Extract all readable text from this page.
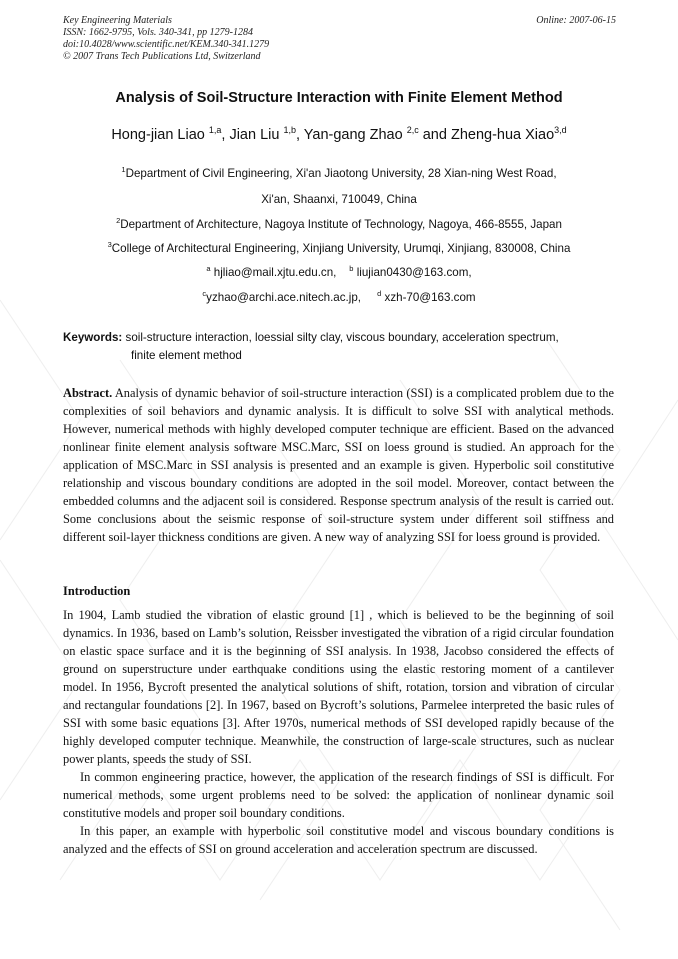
Key Engineering Materials
ISSN: 1662-9795, Vols. 340-341, pp 1279-1284
doi:10.4028/www.scientific.net/KEM.340-341.1279
© 2007 Trans Tech Publications Ltd, Switzerland
Online: 2007-06-15
Analysis of Soil-Structure Interaction with Finite Element Method
Hong-jian Liao $^{1,a}$, Jian Liu $^{1,b}$, Yan-gang Zhao $^{2,c}$ and Zheng-hua Xiao$^{3,d}$
$^1$Department of Civil Engineering, Xi'an Jiaotong University, 28 Xian-ning West Road,
Xi'an, Shaanxi, 710049, China
$^2$Department of Architecture, Nagoya Institute of Technology, Nagoya, 466-8555, Japan
$^3$College of Architectural Engineering, Xinjiang University, Urumqi, Xinjiang, 830008, China
$^a$ hjliao@mail.xjtu.edu.cn, $^b$ liujian0430@163.com,
$^c$yzhao@archi.ace.nitech.ac.jp, $^d$ xzh-70@163.com
Keywords: soil-structure interaction, loessial silty clay, viscous boundary, acceleration spectrum,
finite element method
Abstract. Analysis of dynamic behavior of soil-structure interaction (SSI) is a complicated problem due to the complexities of soil behaviors and dynamic analysis. It is difficult to solve SSI with analytical methods. However, numerical methods with highly developed computer technique are efficient. Based on the advanced nonlinear finite element analysis software MSC.Marc, SSI on loess ground is studied. An approach for the application of MSC.Marc in SSI analysis is presented and an example is given. Hyperbolic soil constitutive relationship and viscous boundary conditions are adopted in the soil model. Moreover, contact between the embedded columns and the adjacent soil is considered. Response spectrum analysis of the result is carried out. Some conclusions about the seismic response of soil-structure system under different soil stiffness and different soil-layer thickness conditions are given. A new way of analyzing SSI for loess ground is provided.
Introduction

In 1904, Lamb studied the vibration of elastic ground [1] , which is believed to be the beginning of soil dynamics. In 1936, based on Lamb’s solution, Reissber investigated the vibration of a rigid circular foundation on elastic space surface and it is the beginning of SSI analysis. In 1938, Jacobso considered the effects of ground on superstructure under earthquake conditions using the elastic restoring moment of a cantilever model. In 1956, Bycroft presented the analytical solutions of shift, rotation, torsion and vibration of circular and rectangular foundations [2]. In 1967, based on Bycroft’s solutions, Parmelee interpreted the basic rules of SSI with some basic equations [3]. After 1970s, numerical methods of SSI developed rapidly because of the highly developed computer technique. Meanwhile, the construction of large-scale structures, such as nuclear power plants, speeds the study of SSI.

In common engineering practice, however, the application of the research findings of SSI is difficult. For numerical methods, some urgent problems need to be solved: the application of nonlinear dynamic soil constitutive models and proper soil boundary conditions.

In this paper, an example with hyperbolic soil constitutive model and viscous boundary conditions is analyzed and the effects of SSI on ground acceleration and acceleration spectrum are discussed.
